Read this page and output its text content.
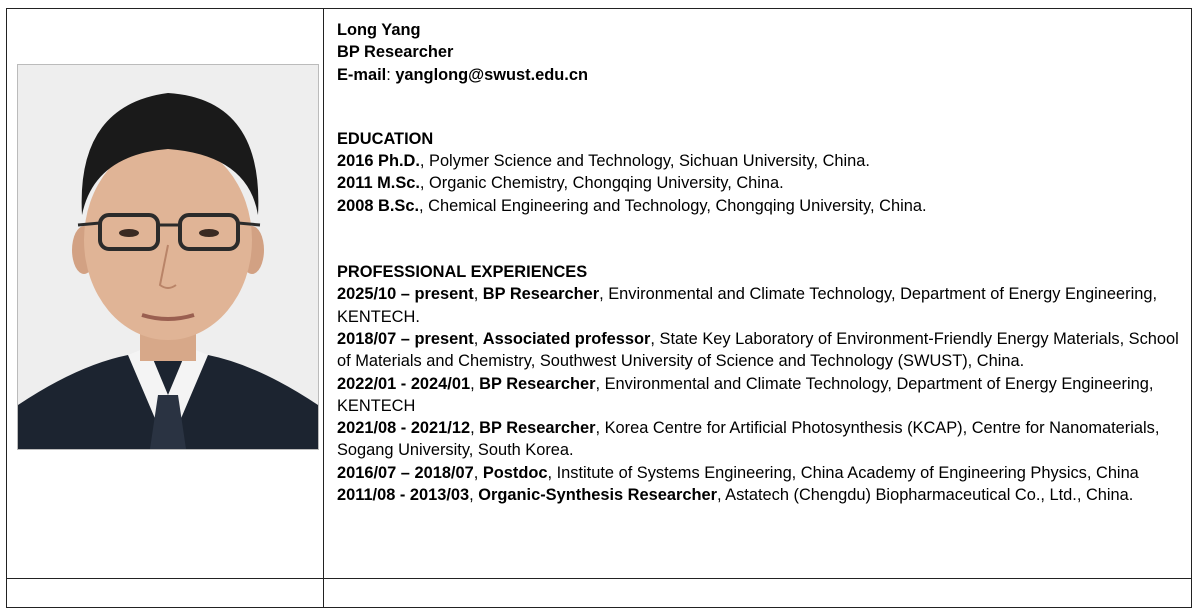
Long Yang

BP Researcher

E-mail: yanglong@swust.edu.cn

EDUCATION

2016 Ph.D., Polymer Science and Technology, Sichuan University, China.

2011 M.Sc., Organic Chemistry, Chongqing University, China.

2008 B.Sc., Chemical Engineering and Technology, Chongqing University, China.

PROFESSIONAL EXPERIENCES

2025/10 – present, BP Researcher, Environmental and Climate Technology, Department of Energy Engineering, KENTECH.

2018/07 – present, Associated professor, State Key Laboratory of Environment-Friendly Energy Materials, School of Materials and Chemistry, Southwest University of Science and Technology (SWUST), China.

2022/01 - 2024/01, BP Researcher, Environmental and Climate Technology, Department of Energy Engineering, KENTECH

2021/08 - 2021/12, BP Researcher, Korea Centre for Artificial Photosynthesis (KCAP), Centre for Nanomaterials, Sogang University, South Korea.

2016/07 – 2018/07, Postdoc, Institute of Systems Engineering, China Academy of Engineering Physics, China

2011/08 - 2013/03, Organic-Synthesis Researcher, Astatech (Chengdu) Biopharmaceutical Co., Ltd., China.
